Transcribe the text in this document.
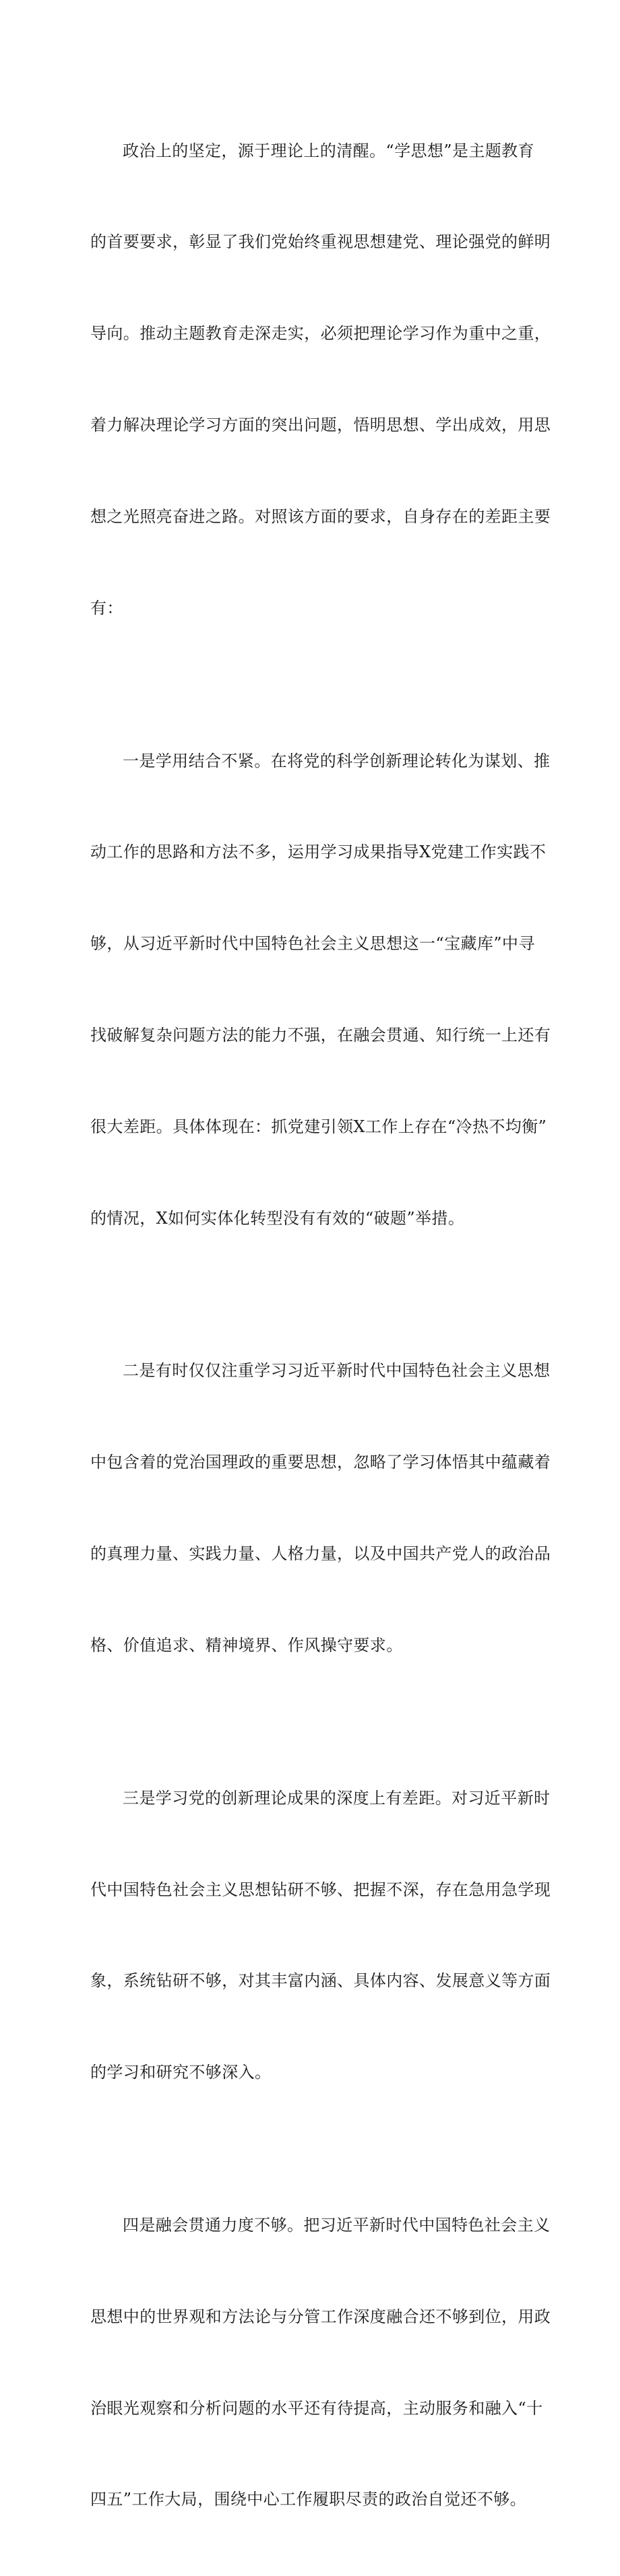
政治上的坚定，源于理论上的清醒。“学思想”是主题教育

的首要要求，彰显了我们党始终重视思想建党、理论强党的鲜明

导向。推动主题教育走深走实，必须把理论学习作为重中之重，

着力解决理论学习方面的突出问题，悟明思想、学出成效，用思

想之光照亮奋进之路。对照该方面的要求，自身存在的差距主要

有：

一是学用结合不紧。在将党的科学创新理论转化为谋划、推

动工作的思路和方法不多，运用学习成果指导X党建工作实践不

够，从习近平新时代中国特色社会主义思想这一“宝藏库”中寻

找破解复杂问题方法的能力不强，在融会贯通、知行统一上还有

很大差距。具体体现在：抓党建引领X工作上存在“冷热不均衡”

的情况，X如何实体化转型没有有效的“破题”举措。

二是有时仅仅注重学习习近平新时代中国特色社会主义思想

中包含着的党治国理政的重要思想，忽略了学习体悟其中蕴藏着

的真理力量、实践力量、人格力量，以及中国共产党人的政治品

格、价值追求、精神境界、作风操守要求。

三是学习党的创新理论成果的深度上有差距。对习近平新时

代中国特色社会主义思想钻研不够、把握不深，存在急用急学现

象，系统钻研不够，对其丰富内涵、具体内容、发展意义等方面

的学习和研究不够深入。

四是融会贯通力度不够。把习近平新时代中国特色社会主义

思想中的世界观和方法论与分管工作深度融合还不够到位，用政

治眼光观察和分析问题的水平还有待提高，主动服务和融入“十

四五”工作大局，围绕中心工作履职尽责的政治自觉还不够。
